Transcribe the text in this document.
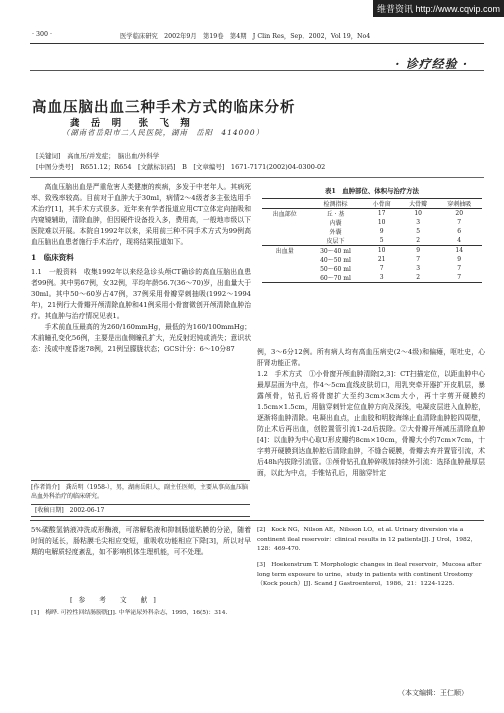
维普资讯 http://www.cqvip.com
· 300 ·	医学临床研究　2002年9月　第19卷　第4期　J Clin Res，Sep．2002，Vol 19，No4
· 诊疗经验 ·
高血压脑出血三种手术方式的临床分析
龚 岳 明　张 飞 翔
（湖南省岳阳市二人民医院，湖南　岳阳　414000）
[关键词]　高血压/并发症；　脑出血/外科学
[中图分类号]　R651.12；R654　[文献标识码]　B　[文章编号]　1671-7171(2002)04-0300-02
高血压脑出血是严重危害人类健康的疾病，多发于中老年人。其病死率、致残率较高。目前对于血肿大于30ml，病情2～4级者多主张选用手术治疗[1]，其手术方式很多。近年来有学者报道应用CT立体定向抽吸和内窥镜辅助，清除血肿，但因硬件设备投入多，费用高，一般地市级以下医院难以开展。本院自1992年以来，采用前三种不同手术方式为99例高血压脑出血患者施行手术治疗，现将结果报道如下。
1　临床资料
1.1　一般资料　收集1992年以来经急诊头颅CT确诊的高血压脑出血患者99例。其中男67例，女32例，平均年龄56.7(36～70)岁，出血量大于30ml。其中50～60岁占47例，37例采用骨瓣穿刺抽吸(1992～1994年)，21例行大骨瓣开颅清除血肿和41例采用小骨窗微创开颅清除血肿治疗。其血肿与治疗情况见表1。
手术前血压最高的为260/160mmHg，最低的为160/100mmHg；术前瞳孔变化56例，主要是出血侧瞳孔扩大，光反射迟钝或消失；意识状态：浅或中度昏迷78例，21例呈朦胧状态；GCS计分：6～10分87
[作者简介]　龚岳明（1958-），男，湖南岳阳人，副主任医师，主要从事高血压脑出血外科治疗的临床研究。
[收稿日期]　2002-06-17
表1　血肿部位、体积与治疗方法
	检测指标	小骨窗	大骨瓣	穿刺抽吸
出血部位	丘 · 基	17	10	20
	内囊	10	3	7
	外囊	9	5	6
	皮层下	5	2	4
出血量	30～40 ml	10	9	14
	40～50 ml	21	7	9
	50～60 ml	7	3	7
	60～70 ml	3	2	7
例，3～6分12例。所有病人均有高血压病史(2～4级)和偏瘫，呕吐史，心肝肾功能正常。
1.2　手术方式　①小骨窗开颅血肿清除[2,3]：CT扫描定位，以距血肿中心最厚层面为中点，作4～5cm直线皮肤切口，用乳突牵开器扩开皮肌层，暴露颅骨，钻孔后将骨窗扩大至约3cm×3cm大小，再十字剪开硬膜约1.5cm×1.5cm，用脑穿刺针定位血肿方向及深浅，电凝皮层进入血肿腔，逐渐将血肿清除。电凝出血点，止血胶和明胶海绵止血清除血肿腔四周壁，防止术后再出血，创腔置管引流1-2d后拔除。②大骨瓣开颅减压清除血肿[4]：以血肿为中心取U形皮瓣约8cm×10cm，骨瓣大小约7cm×7cm，十字剪开硬膜到达血肿腔后清除血肿，不缝合硬膜，骨瓣去弃并置管引流，术后48h内拔除引流管。③颅骨钻孔血肿碎吸加持续外引流：选择血肿最厚层面，以此为中点，手锥钻孔后，用脑穿针定
5%碳酸氢钠液冲洗或形酶液，可溶解粘液和抑制肠道粘膜的分泌，随着时间的延长，肠粘膜毛尖相应变短，重吸收功能相应下降[3]，所以对早期的电解质轻度紊乱，如不影响机体生理机能，可不处理。
[参 考 文 献]
[1]　梅晔. 可控性回结肠膀胱[J]. 中华泌尿外科杂志，1995，16(5)：314.
[2]　Kock NG，Nilson AE，Nilsson LO，et al. Urinary diversion via a continent ileal reservoir：clinical results in 12 patients[J]. J Urol，1982，128：469-470.
[3]　Hoekenstrum T. Morphologic changes in ileal reservoir，Mucosa after long term exposure to urine，study in patients with continent Urostomy（Kock pouch）[J]. Scand J Gastroenterol，1986，21：1224-1225.
（本文编辑：王仁顺）
